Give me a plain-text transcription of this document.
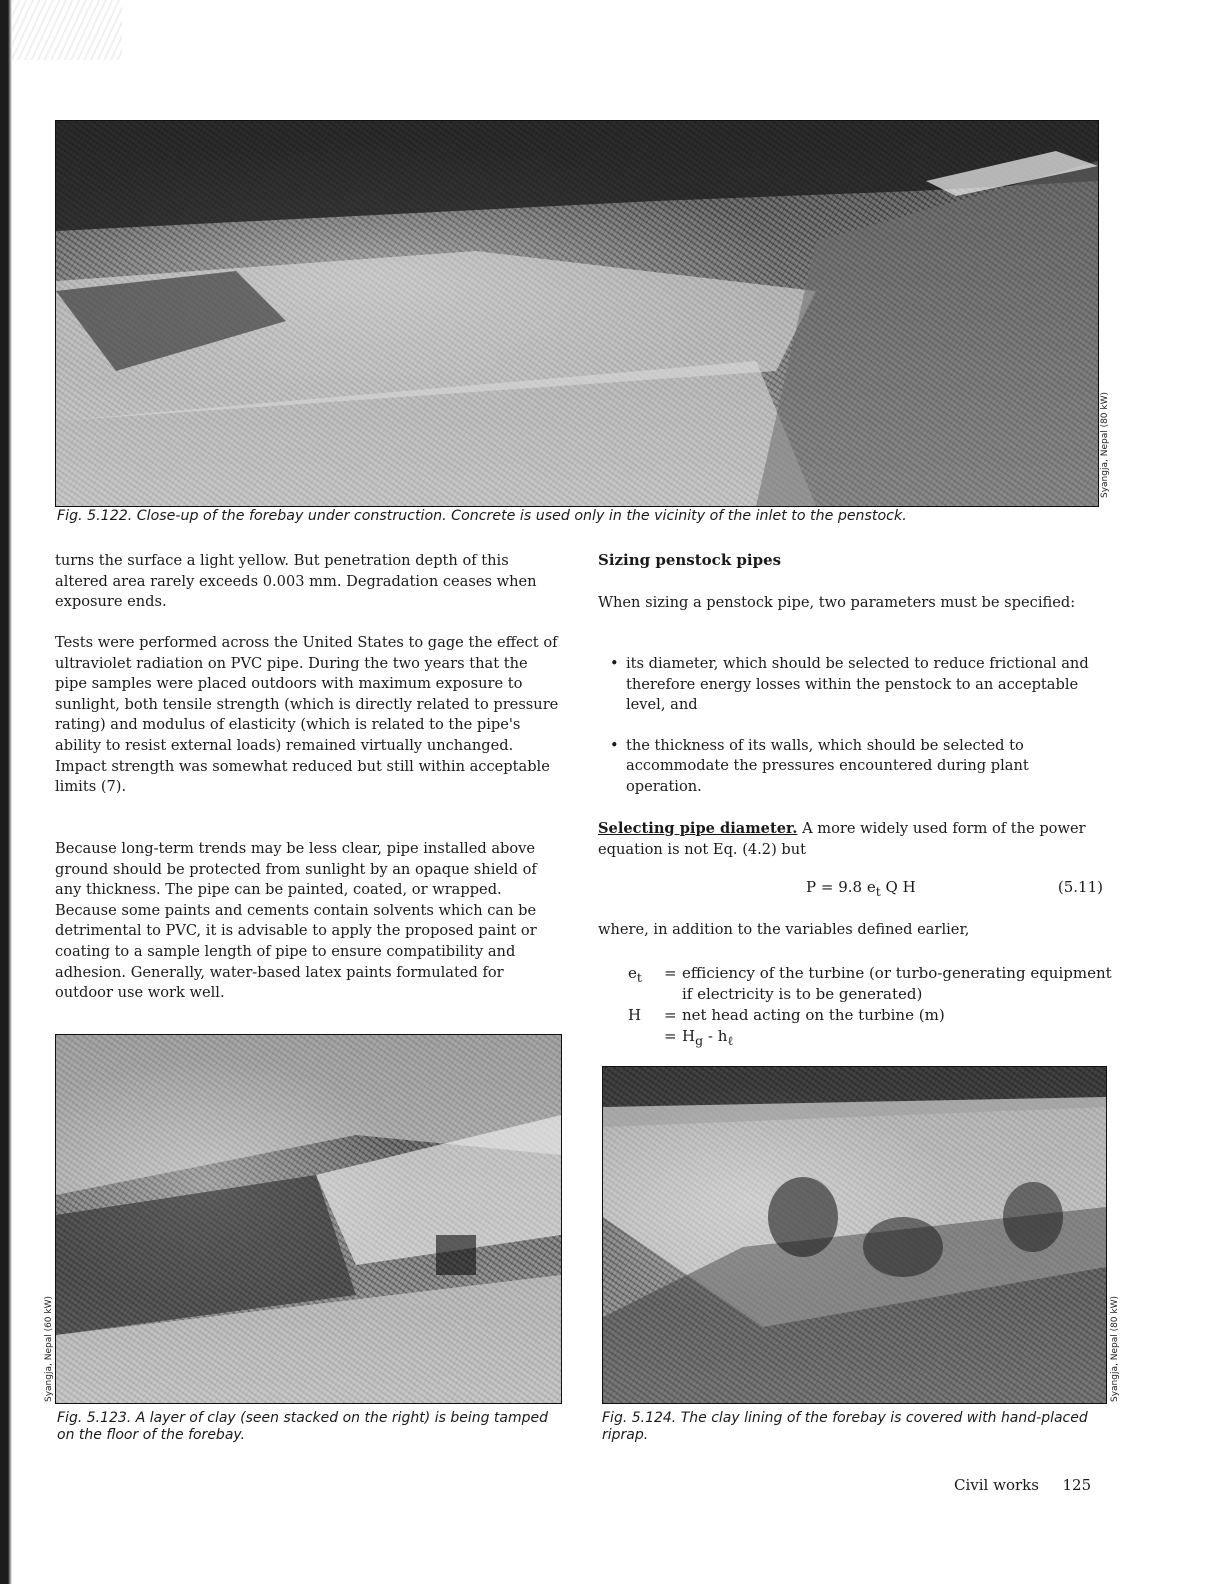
Syangja, Nepal (80 kW)
Fig. 5.122. Close-up of the forebay under construction. Concrete is used only in the vicinity of the inlet to the penstock.

turns the surface a light yellow. But penetration depth of this altered area rarely exceeds 0.003 mm. Degradation ceases when exposure ends.

Tests were performed across the United States to gage the effect of ultraviolet radiation on PVC pipe. During the two years that the pipe samples were placed outdoors with maximum exposure to sunlight, both tensile strength (which is directly related to pressure rating) and modulus of elasticity (which is related to the pipe's ability to resist external loads) remained virtually unchanged. Impact strength was somewhat reduced but still within acceptable limits (7).

Because long-term trends may be less clear, pipe installed above ground should be protected from sunlight by an opaque shield of any thickness. The pipe can be painted, coated, or wrapped. Because some paints and cements contain solvents which can be detrimental to PVC, it is advisable to apply the proposed paint or coating to a sample length of pipe to ensure compatibility and adhesion. Generally, water-based latex paints formulated for outdoor use work well.

Syangja, Nepal (60 kW)
Fig. 5.123. A layer of clay (seen stacked on the right) is being tamped on the floor of the forebay.

Sizing penstock pipes

When sizing a penstock pipe, two parameters must be specified:

• its diameter, which should be selected to reduce frictional and therefore energy losses within the penstock to an acceptable level, and
• the thickness of its walls, which should be selected to accommodate the pressures encountered during plant operation.

Selecting pipe diameter. A more widely used form of the power equation is not Eq. (4.2) but

P = 9.8 $e_t$ Q H	(5.11)

where, in addition to the variables defined earlier,

$e_t$	= efficiency of the turbine (or turbo-generating equipment if electricity is to be generated)
H	= net head acting on the turbine (m)
= $H_g - h_\ell$
Syangja, Nepal (80 kW)
Fig. 5.124. The clay lining of the forebay is covered with hand-placed riprap.
Civil works 125
